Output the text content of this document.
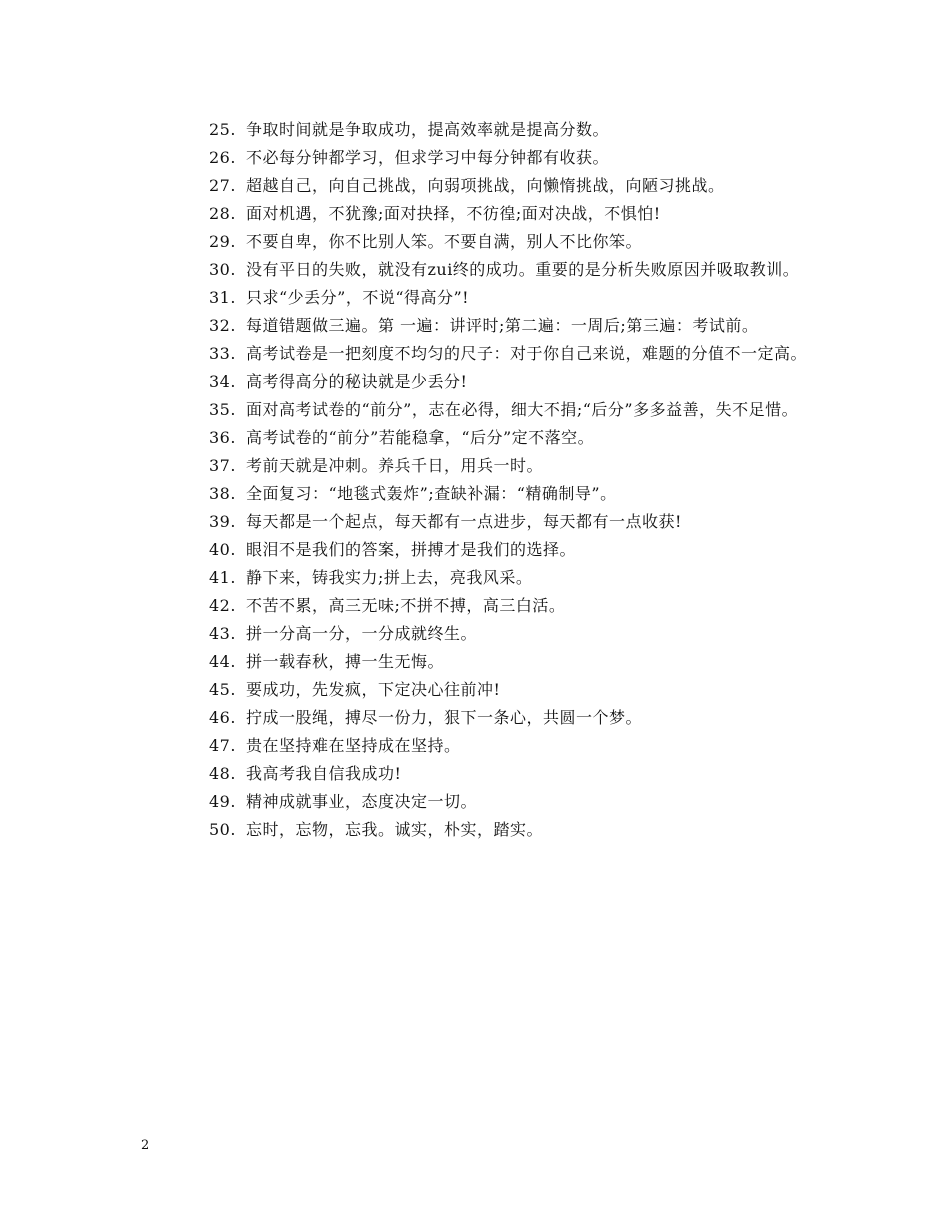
25. 争取时间就是争取成功，提高效率就是提高分数。

26. 不必每分钟都学习，但求学习中每分钟都有收获。

27. 超越自己，向自己挑战，向弱项挑战，向懒惰挑战，向陋习挑战。

28. 面对机遇，不犹豫;面对抉择，不彷徨;面对决战，不惧怕!

29. 不要自卑，你不比别人笨。不要自满，别人不比你笨。

30. 没有平日的失败，就没有zui终的成功。重要的是分析失败原因并吸取教训。

31. 只求“少丢分”，不说“得高分”!

32. 每道错题做三遍。第 一遍：讲评时;第二遍：一周后;第三遍：考试前。

33. 高考试卷是一把刻度不均匀的尺子：对于你自己来说，难题的分值不一定高。

34. 高考得高分的秘诀就是少丢分!

35. 面对高考试卷的“前分”，志在必得，细大不捐;“后分”多多益善，失不足惜。

36. 高考试卷的“前分”若能稳拿，“后分”定不落空。

37. 考前天就是冲刺。养兵千日，用兵一时。

38. 全面复习：“地毯式轰炸”;查缺补漏：“精确制导”。

39. 每天都是一个起点，每天都有一点进步，每天都有一点收获!

40. 眼泪不是我们的答案，拼搏才是我们的选择。

41. 静下来，铸我实力;拼上去，亮我风采。

42. 不苦不累，高三无味;不拼不搏，高三白活。

43. 拼一分高一分，一分成就终生。

44. 拼一载春秋，搏一生无悔。

45. 要成功，先发疯，下定决心往前冲!

46. 拧成一股绳，搏尽一份力，狠下一条心，共圆一个梦。

47. 贵在坚持难在坚持成在坚持。

48. 我高考我自信我成功!

49. 精神成就事业，态度决定一切。

50. 忘时，忘物，忘我。诚实，朴实，踏实。

2
